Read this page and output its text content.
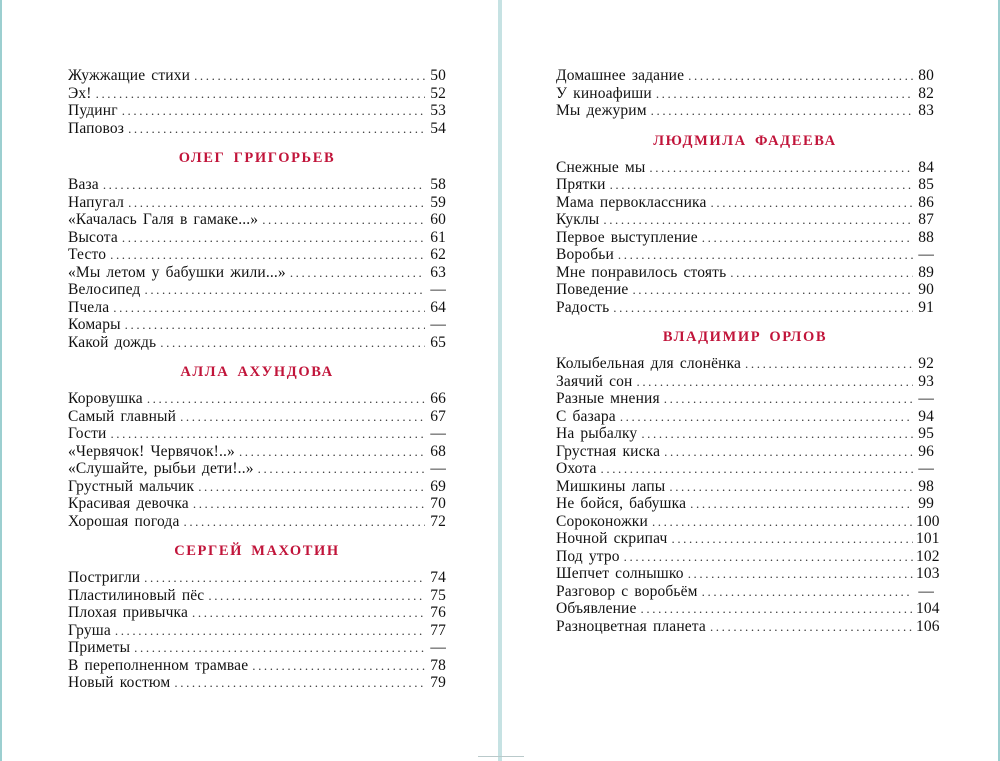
Жужжащие стихи .....	50
Эх! .....	52
Пудинг .....	53
Паповоз .....	54
ОЛЕГ ГРИГОРЬЕВ
Ваза .....	58
Напугал .....	59
«Качалась Галя в гамаке...» .....	60
Высота .....	61
Тесто .....	62
«Мы летом у бабушки жили...» .....	63
Велосипед .....	—
Пчела .....	64
Комары .....	—
Какой дождь .....	65
АЛЛА АХУНДОВА
Коровушка .....	66
Самый главный .....	67
Гости .....	—
«Червячок! Червячок!..» .....	68
«Слушайте, рыбьи дети!..» .....	—
Грустный мальчик .....	69
Красивая девочка .....	70
Хорошая погода .....	72
СЕРГЕЙ МАХОТИН
Постригли .....	74
Пластилиновый пёс .....	75
Плохая привычка .....	76
Груша .....	77
Приметы .....	—
В переполненном трамвае .....	78
Новый костюм .....	79
Домашнее задание .....	80
У киноафиши .....	82
Мы дежурим .....	83
ЛЮДМИЛА ФАДЕЕВА
Снежные мы .....	84
Прятки .....	85
Мама первоклассника .....	86
Куклы .....	87
Первое выступление .....	88
Воробьи .....	—
Мне понравилось стоять .....	89
Поведение .....	90
Радость .....	91
ВЛАДИМИР ОРЛОВ
Колыбельная для слонёнка .....	92
Заячий сон .....	93
Разные мнения .....	—
С базара .....	94
На рыбалку .....	95
Грустная киска .....	96
Охота .....	—
Мишкины лапы .....	98
Не бойся, бабушка .....	99
Сороконожки .....	100
Ночной скрипач .....	101
Под утро .....	102
Шепчет солнышко .....	103
Разговор с воробьём .....	—
Объявление .....	104
Разноцветная планета .....	106
